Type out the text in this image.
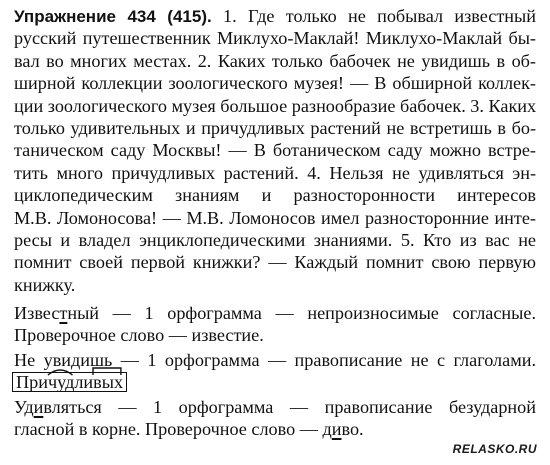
Упражнение 434 (415). 1. Где только не побывал известный
русский путешественник Миклухо-Маклай! Миклухо-Маклай бы-
вал во многих местах. 2. Каких только бабочек не увидишь в об-
ширной коллекции зоологического музея! — В обширной коллек-
ции зоологического музея большое разнообразие бабочек. 3. Каких
только удивительных и причудливых растений не встретишь в бо-
таническом саду Москвы! — В ботаническом саду можно встре-
тить много причудливых растений. 4. Нельзя не удивляться эн-
циклопедическим знаниям и разносторонности интересов
М.В. Ломоносова! — М.В. Ломоносов имел разносторонние инте-
ресы и владел энциклопедическими знаниями. 5. Кто из вас не
помнит своей первой книжки? — Каждый помнит свою первую
книжку.
Известный — 1 орфограмма — непроизносимые согласные.
Проверочное слово — известие.
Не увидишь — 1 орфограмма — правописание не с глаголами.
Причуд
ливых
Удивляться — 1 орфограмма — правописание безударной
гласной в корне. Проверочное слово — диво.
RELASKO.RU
